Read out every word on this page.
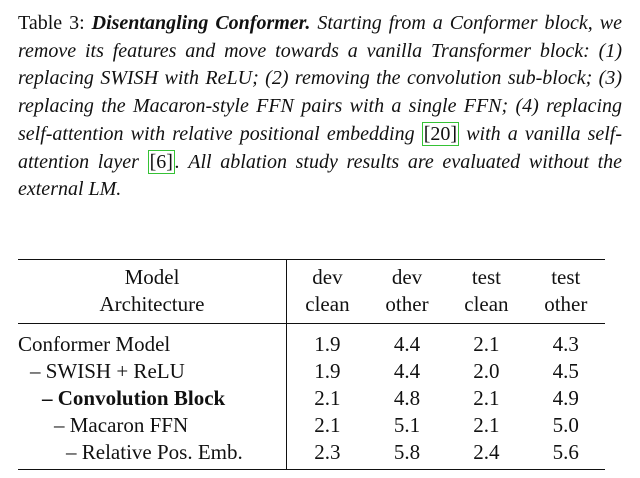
Table 3: Disentangling Conformer. Starting from a Conformer block, we remove its features and move towards a vanilla Transformer block: (1) replacing SWISH with ReLU; (2) removing the convolution sub-block; (3) replacing the Macaron-style FFN pairs with a single FFN; (4) replacing self-attention with relative positional embedding [20] with a vanilla self-attention layer [6] . All ablation study results are evaluated without the external LM.
Model	dev	dev	test	test
Architecture	clean	other	clean	other

Conformer Model	1.9	4.4	2.1	4.3
– SWISH + ReLU	1.9	4.4	2.0	4.5
– Convolution Block	2.1	4.8	2.1	4.9
– Macaron FFN	2.1	5.1	2.1	5.0
– Relative Pos. Emb.	2.3	5.8	2.4	5.6
